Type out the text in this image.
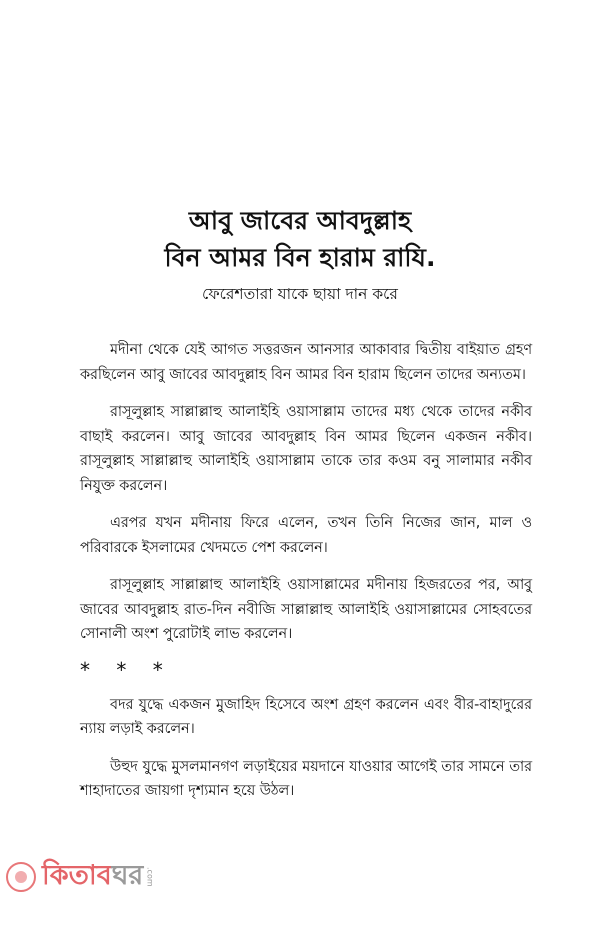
আবু জাবের আবদুল্লাহ
বিন আমর বিন হারাম রাযি.

ফেরেশতারা যাকে ছায়া দান করে

মদীনা থেকে যেই আগত সত্তরজন আনসার আকাবার দ্বিতীয় বাইয়াত গ্রহণ করছিলেন আবু জাবের আবদুল্লাহ বিন আমর বিন হারাম ছিলেন তাদের অন্যতম।

রাসূলুল্লাহ সাল্লাল্লাহু আলাইহি ওয়াসাল্লাম তাদের মধ্য থেকে তাদের নকীব বাছাই করলেন। আবু জাবের আবদুল্লাহ বিন আমর ছিলেন একজন নকীব। রাসূলুল্লাহ সাল্লাল্লাহু আলাইহি ওয়াসাল্লাম তাকে তার কওম বনু সালামার নকীব নিযুক্ত করলেন।

এরপর যখন মদীনায় ফিরে এলেন, তখন তিনি নিজের জান, মাল ও পরিবারকে ইসলামের খেদমতে পেশ করলেন।

রাসূলুল্লাহ সাল্লাল্লাহু আলাইহি ওয়াসাল্লামের মদীনায় হিজরতের পর, আবু জাবের আবদুল্লাহ রাত-দিন নবীজি সাল্লাল্লাহু আলাইহি ওয়াসাল্লামের সোহবতের সোনালী অংশ পুরোটাই লাভ করলেন।

* * *

বদর যুদ্ধে একজন মুজাহিদ হিসেবে অংশ গ্রহণ করলেন এবং বীর-বাহাদুরের ন্যায় লড়াই করলেন।

উহুদ যুদ্ধে মুসলমানগণ লড়াইয়ের ময়দানে যাওয়ার আগেই তার সামনে তার শাহাদাতের জায়গা দৃশ্যমান হয়ে উঠল।

কিতাব ঘর .com
